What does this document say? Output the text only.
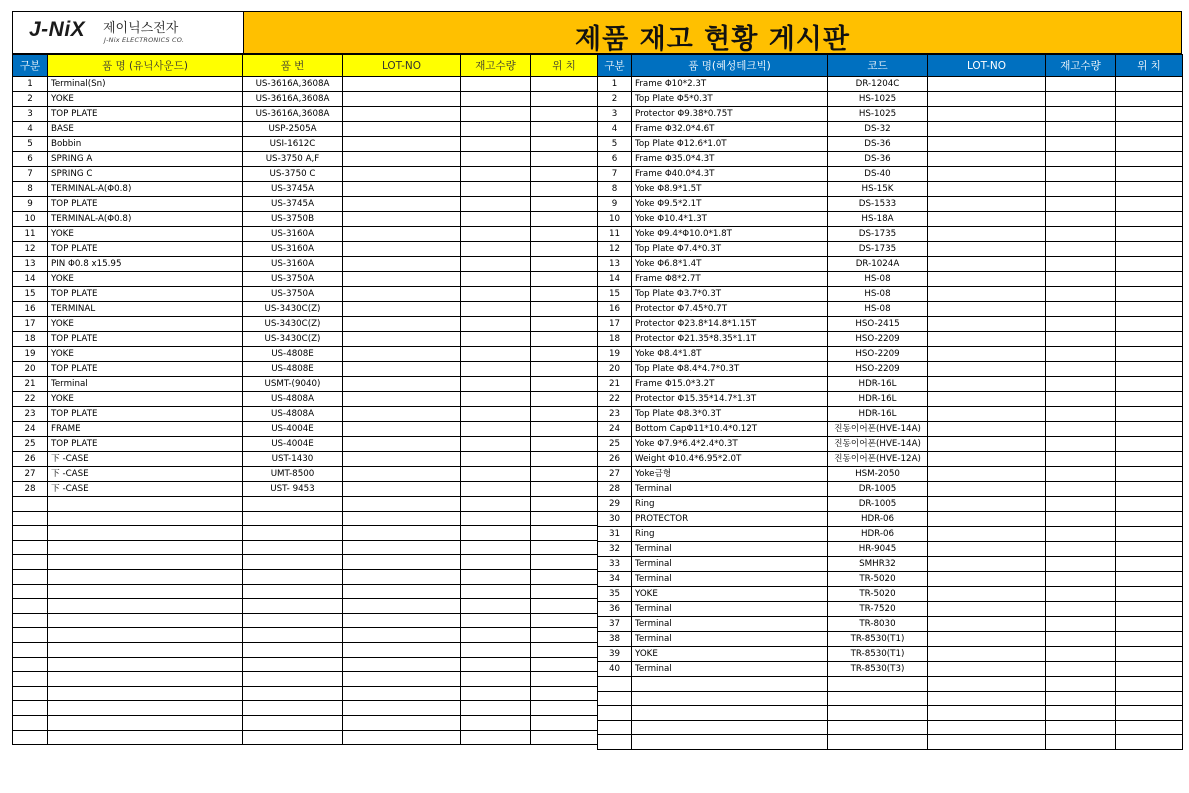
J-NiX 제이닉스전자
J-Nix ELECTRONICS CO.	제품 재고 현황 게시판
구분	품 명 (유닉사운드)	품 번	LOT-NO	재고수량	위 치
1	Terminal(Sn)	US-3616A,3608A			
2	YOKE	US-3616A,3608A			
3	TOP PLATE	US-3616A,3608A			
4	BASE	USP-2505A			
5	Bobbin	USI-1612C			
6	SPRING A	US-3750 A,F			
7	SPRING C	US-3750 C			
8	TERMINAL-A(Φ0.8)	US-3745A			
9	TOP PLATE	US-3745A			
10	TERMINAL-A(Φ0.8)	US-3750B			
11	YOKE	US-3160A			
12	TOP PLATE	US-3160A			
13	PIN Φ0.8 x15.95	US-3160A			
14	YOKE	US-3750A			
15	TOP PLATE	US-3750A			
16	TERMINAL	US-3430C(Z)			
17	YOKE	US-3430C(Z)			
18	TOP PLATE	US-3430C(Z)			
19	YOKE	US-4808E			
20	TOP PLATE	US-4808E			
21	Terminal	USMT-(9040)			
22	YOKE	US-4808A			
23	TOP PLATE	US-4808A			
24	FRAME	US-4004E			
25	TOP PLATE	US-4004E			
26	下 -CASE	UST-1430			
27	下 -CASE	UMT-8500			
28	下 -CASE	UST- 9453			

구분	품 명(혜성테크빅)	코드	LOT-NO	재고수량	위 치
1	Frame Φ10*2.3T	DR-1204C			
2	Top Plate Φ5*0.3T	HS-1025			
3	Protector Φ9.38*0.75T	HS-1025			
4	Frame Φ32.0*4.6T	DS-32			
5	Top Plate Φ12.6*1.0T	DS-36			
6	Frame Φ35.0*4.3T	DS-36			
7	Frame Φ40.0*4.3T	DS-40			
8	Yoke Φ8.9*1.5T	HS-15K			
9	Yoke Φ9.5*2.1T	DS-1533			
10	Yoke Φ10.4*1.3T	HS-18A			
11	Yoke Φ9.4*Φ10.0*1.8T	DS-1735			
12	Top Plate Φ7.4*0.3T	DS-1735			
13	Yoke Φ6.8*1.4T	DR-1024A			
14	Frame Φ8*2.7T	HS-08			
15	Top Plate Φ3.7*0.3T	HS-08			
16	Protector Φ7.45*0.7T	HS-08			
17	Protector Φ23.8*14.8*1.15T	HSO-2415			
18	Protector Φ21.35*8.35*1.1T	HSO-2209			
19	Yoke Φ8.4*1.8T	HSO-2209			
20	Top Plate Φ8.4*4.7*0.3T	HSO-2209			
21	Frame Φ15.0*3.2T	HDR-16L			
22	Protector Φ15.35*14.7*1.3T	HDR-16L			
23	Top Plate Φ8.3*0.3T	HDR-16L			
24	Bottom CapΦ11*10.4*0.12T	진동이어폰(HVE-14A)			
25	Yoke Φ7.9*6.4*2.4*0.3T	진동이어폰(HVE-14A)			
26	Weight Φ10.4*6.95*2.0T	진동이어폰(HVE-12A)			
27	Yoke금형	HSM-2050			
28	Terminal	DR-1005			
29	Ring	DR-1005			
30	PROTECTOR	HDR-06			
31	Ring	HDR-06			
32	Terminal	HR-9045			
33	Terminal	SMHR32			
34	Terminal	TR-5020			
35	YOKE	TR-5020			
36	Terminal	TR-7520			
37	Terminal	TR-8030			
38	Terminal	TR-8530(T1)			
39	YOKE	TR-8530(T1)			
40	Terminal	TR-8530(T3)			
